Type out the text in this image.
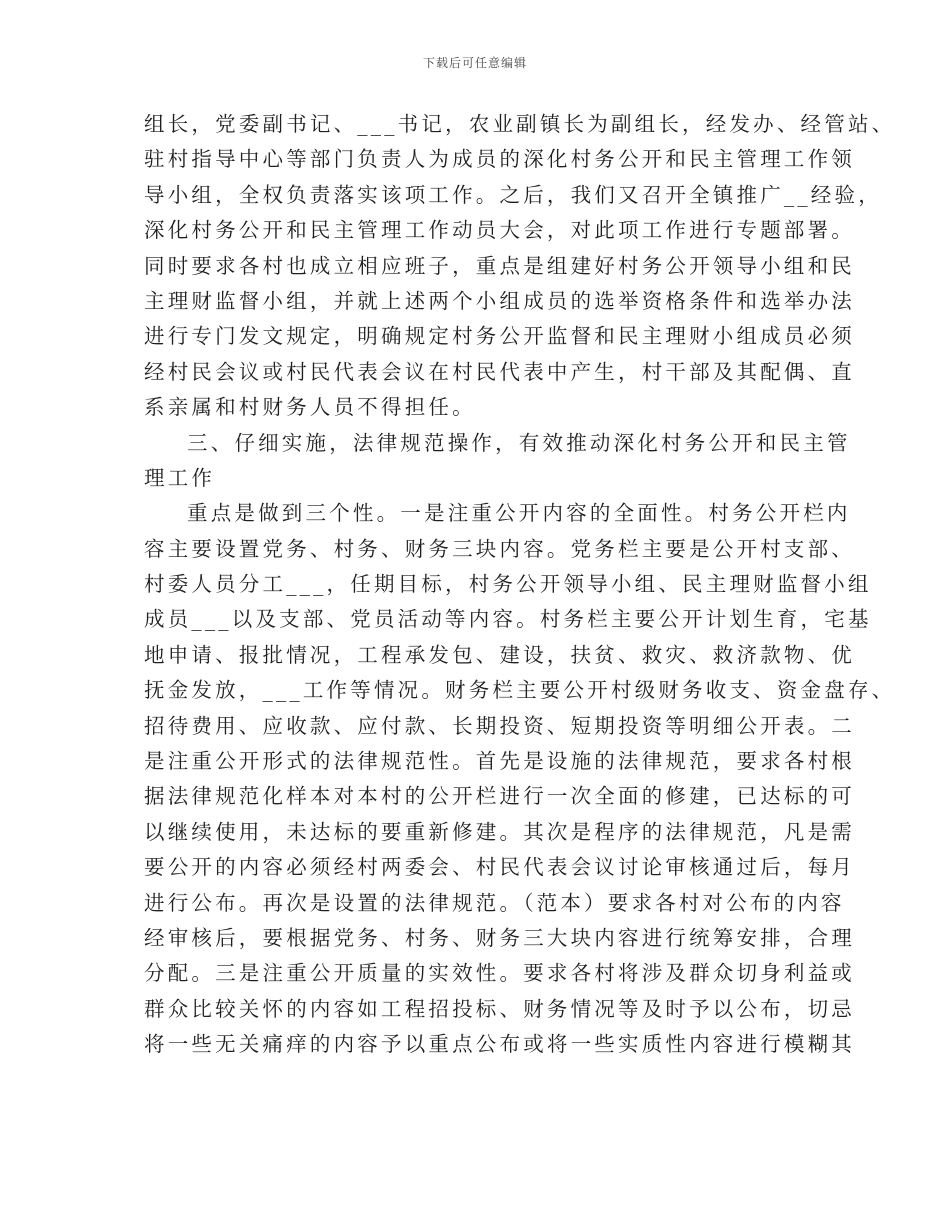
下载后可任意编辑
组长，党委副书记、___书记，农业副镇长为副组长，经发办、经管站、
驻村指导中心等部门负责人为成员的深化村务公开和民主管理工作领
导小组，全权负责落实该项工作。之后，我们又召开全镇推广__经验，
深化村务公开和民主管理工作动员大会，对此项工作进行专题部署。
同时要求各村也成立相应班子，重点是组建好村务公开领导小组和民
主理财监督小组，并就上述两个小组成员的选举资格条件和选举办法
进行专门发文规定，明确规定村务公开监督和民主理财小组成员必须
经村民会议或村民代表会议在村民代表中产生，村干部及其配偶、直
系亲属和村财务人员不得担任。
三、仔细实施，法律规范操作，有效推动深化村务公开和民主管
理工作
重点是做到三个性。一是注重公开内容的全面性。村务公开栏内
容主要设置党务、村务、财务三块内容。党务栏主要是公开村支部、
村委人员分工___，任期目标，村务公开领导小组、民主理财监督小组
成员___以及支部、党员活动等内容。村务栏主要公开计划生育，宅基
地申请、报批情况，工程承发包、建设，扶贫、救灾、救济款物、优
抚金发放，___工作等情况。财务栏主要公开村级财务收支、资金盘存、
招待费用、应收款、应付款、长期投资、短期投资等明细公开表。二
是注重公开形式的法律规范性。首先是设施的法律规范，要求各村根
据法律规范化样本对本村的公开栏进行一次全面的修建，已达标的可
以继续使用，未达标的要重新修建。其次是程序的法律规范，凡是需
要公开的内容必须经村两委会、村民代表会议讨论审核通过后，每月
进行公布。再次是设置的法律规范。（范本）要求各村对公布的内容
经审核后，要根据党务、村务、财务三大块内容进行统筹安排，合理
分配。三是注重公开质量的实效性。要求各村将涉及群众切身利益或
群众比较关怀的内容如工程招投标、财务情况等及时予以公布，切忌
将一些无关痛痒的内容予以重点公布或将一些实质性内容进行模糊其
